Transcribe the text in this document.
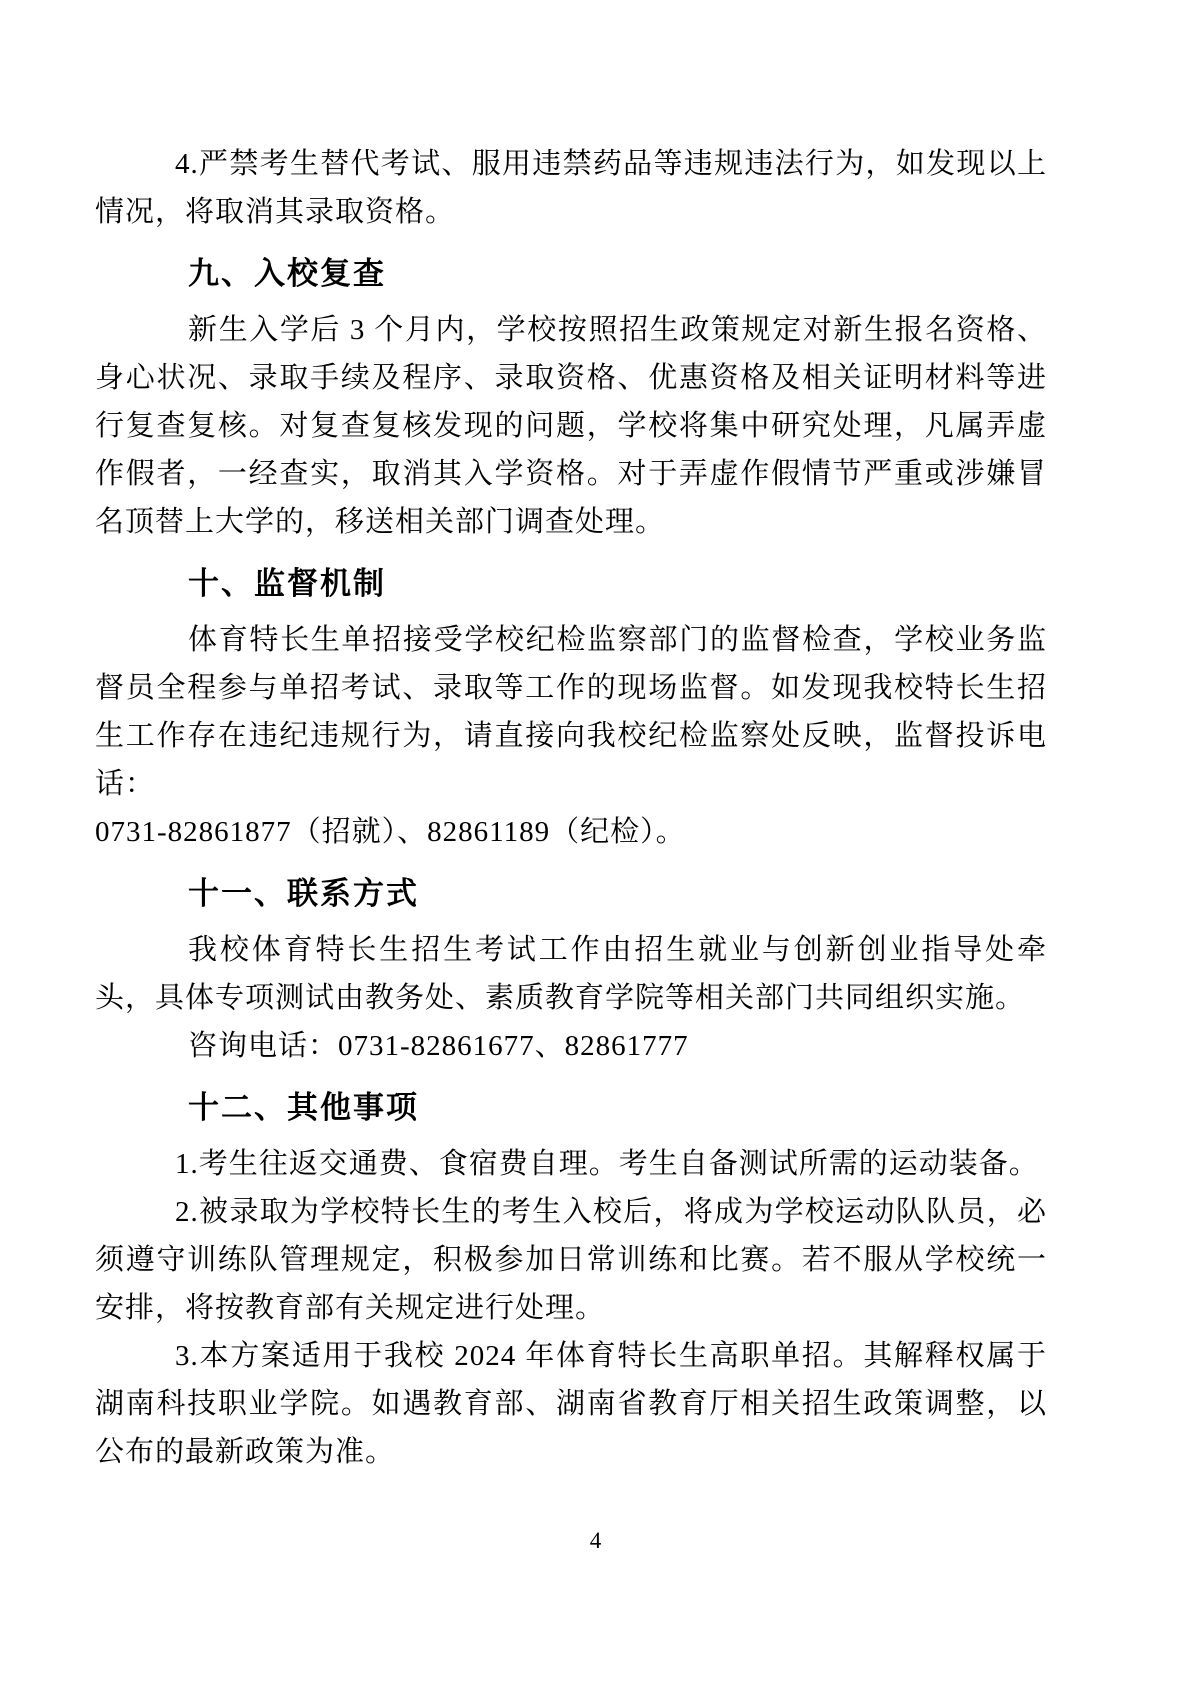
4.严禁考生替代考试、服用违禁药品等违规违法行为，如发现以上情况，将取消其录取资格。

九、入校复查

新生入学后 3 个月内，学校按照招生政策规定对新生报名资格、身心状况、录取手续及程序、录取资格、优惠资格及相关证明材料等进行复查复核。对复查复核发现的问题，学校将集中研究处理，凡属弄虚作假者，一经查实，取消其入学资格。对于弄虚作假情节严重或涉嫌冒名顶替上大学的，移送相关部门调查处理。

十、监督机制

体育特长生单招接受学校纪检监察部门的监督检查，学校业务监督员全程参与单招考试、录取等工作的现场监督。如发现我校特长生招生工作存在违纪违规行为，请直接向我校纪检监察处反映，监督投诉电话：

0731-82861877（招就）、82861189（纪检）。

十一、联系方式

我校体育特长生招生考试工作由招生就业与创新创业指导处牵头，具体专项测试由教务处、素质教育学院等相关部门共同组织实施。

咨询电话：0731-82861677、82861777

十二、其他事项

1.考生往返交通费、食宿费自理。考生自备测试所需的运动装备。

2.被录取为学校特长生的考生入校后，将成为学校运动队队员，必须遵守训练队管理规定，积极参加日常训练和比赛。若不服从学校统一安排，将按教育部有关规定进行处理。

3.本方案适用于我校 2024 年体育特长生高职单招。其解释权属于湖南科技职业学院。如遇教育部、湖南省教育厅相关招生政策调整，以公布的最新政策为准。

4
